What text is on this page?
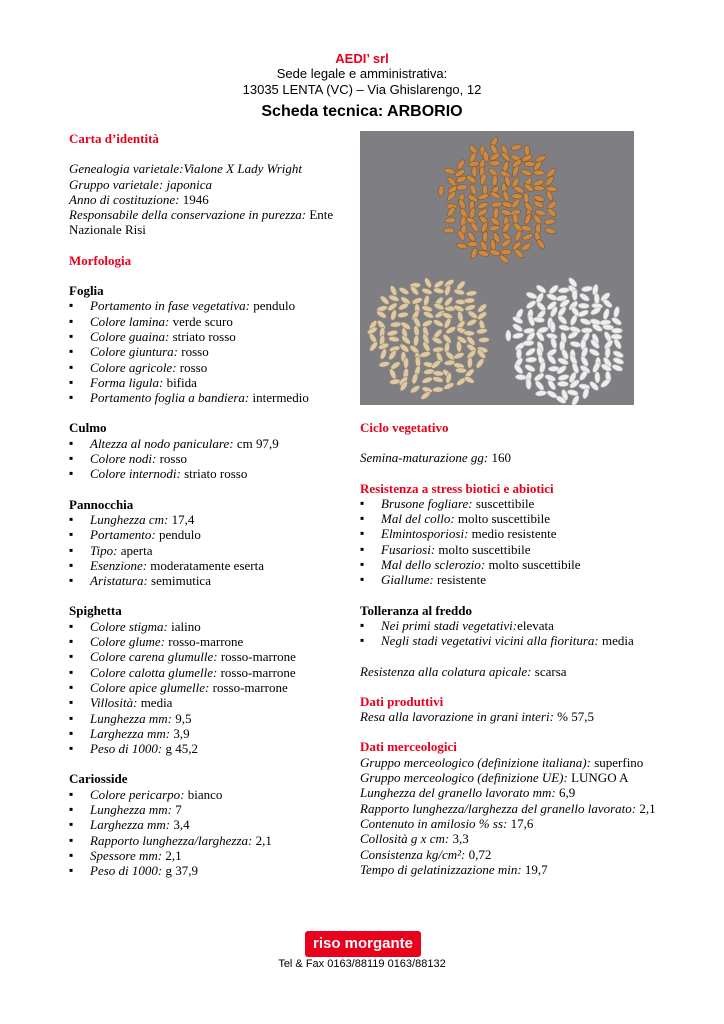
AEDI’ srl
Sede legale e amministrativa:
13035 LENTA (VC) – Via Ghislarengo, 12
Scheda tecnica: ARBORIO
Carta d’identità
Genealogia varietale:Vialone X Lady Wright
Gruppo varietale: japonica
Anno di costituzione: 1946
Responsabile della conservazione in purezza: Ente Nazionale Risi
Morfologia
Foglia
▪ Portamento in fase vegetativa: pendulo
▪ Colore lamina: verde scuro
▪ Colore guaina: striato rosso
▪ Colore giuntura: rosso
▪ Colore agricole: rosso
▪ Forma ligula: bifida
▪ Portamento foglia a bandiera: intermedio
Culmo
▪ Altezza al nodo paniculare: cm 97,9
▪ Colore nodi: rosso
▪ Colore internodi: striato rosso
Pannocchia
▪ Lunghezza cm: 17,4
▪ Portamento: pendulo
▪ Tipo: aperta
▪ Esenzione: moderatamente eserta
▪ Aristatura: semimutica
Spighetta
▪ Colore stigma: ialino
▪ Colore glume: rosso-marrone
▪ Colore carena glumulle: rosso-marrone
▪ Colore calotta glumelle: rosso-marrone
▪ Colore apice glumelle: rosso-marrone
▪ Villosità: media
▪ Lunghezza mm: 9,5
▪ Larghezza mm: 3,9
▪ Peso di 1000: g 45,2
Cariosside
▪ Colore pericarpo: bianco
▪ Lunghezza mm: 7
▪ Larghezza mm: 3,4
▪ Rapporto lunghezza/larghezza: 2,1
▪ Spessore mm: 2,1
▪ Peso di 1000: g 37,9
Ciclo vegetativo
Semina-maturazione gg: 160
Resistenza a stress biotici e abiotici
▪ Brusone fogliare: suscettibile
▪ Mal del collo: molto suscettibile
▪ Elmintosporiosi: medio resistente
▪ Fusariosi: molto suscettibile
▪ Mal dello sclerozio: molto suscettibile
▪ Giallume: resistente
Tolleranza al freddo
▪ Nei primi stadi vegetativi:elevata
▪ Negli stadi vegetativi vicini alla fioritura: media
Resistenza alla colatura apicale: scarsa
Dati produttivi
Resa alla lavorazione in grani interi: % 57,5
Dati merceologici
Gruppo merceologico (definizione italiana): superfino
Gruppo merceologico (definizione UE): LUNGO A
Lunghezza del granello lavorato mm: 6,9
Rapporto lunghezza/larghezza del granello lavorato: 2,1
Contenuto in amilosio % ss: 17,6
Collosità g x cm: 3,3
Consistenza kg/cm²: 0,72
Tempo di gelatinizzazione min: 19,7
riso morgante
Tel & Fax 0163/88119 0163/88132
